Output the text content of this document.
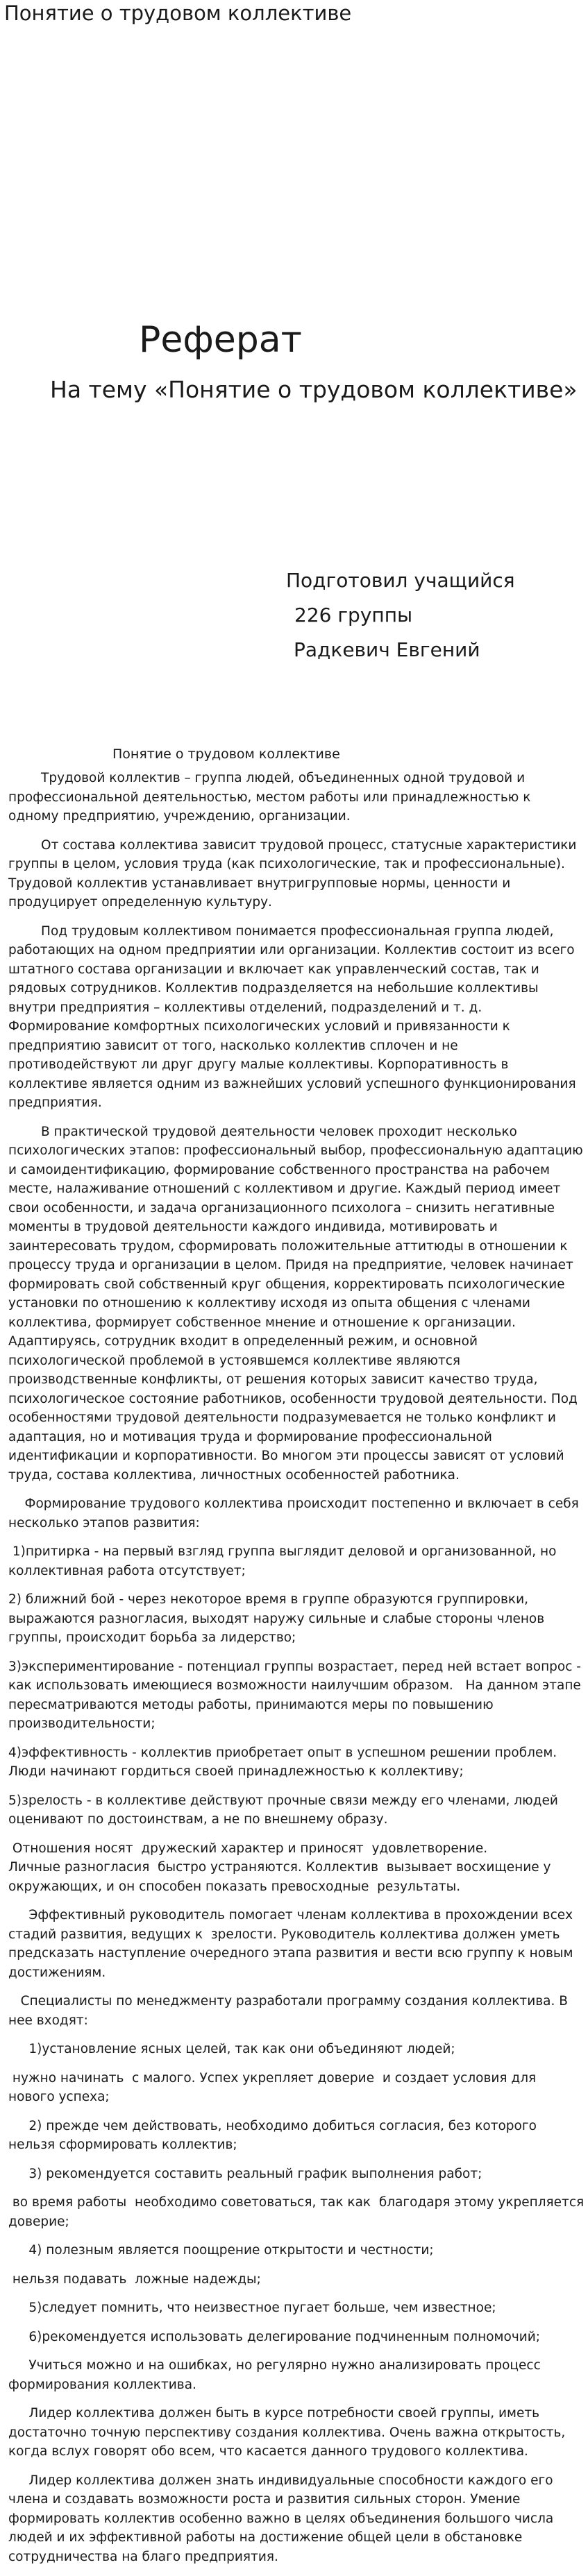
Понятие о трудовом коллективе
Реферат
На тему «Понятие о трудовом коллективе»
Подготовил учащийся
226 группы
Радкевич Евгений
Понятие о трудовом коллективе

Трудовой коллектив – группа людей, объединенных одной трудовой и профессиональной деятельностью, местом работы или принадлежностью к одному предприятию, учреждению, организации.

От состава коллектива зависит трудовой процесс, статусные характеристики группы в целом, условия труда (как психологические, так и профессиональные). Трудовой коллектив устанавливает внутригрупповые нормы, ценности и продуцирует определенную культуру.

Под трудовым коллективом понимается профессиональная группа людей, работающих на одном предприятии или организации. Коллектив состоит из всего штатного состава организации и включает как управленческий состав, так и рядовых сотрудников. Коллектив подразделяется на небольшие коллективы внутри предприятия – коллективы отделений, подразделений и т. д. Формирование комфортных психологических условий и привязанности к предприятию зависит от того, насколько коллектив сплочен и не противодействуют ли друг другу малые коллективы. Корпоративность в коллективе является одним из важнейших условий успешного функционирования предприятия.

В практической трудовой деятельности человек проходит несколько психологических этапов: профессиональный выбор, профессиональную адаптацию и самоидентификацию, формирование собственного пространства на рабочем месте, налаживание отношений с коллективом и другие. Каждый период имеет свои особенности, и задача организационного психолога – снизить негативные моменты в трудовой деятельности каждого индивида, мотивировать и заинтересовать трудом, сформировать положительные аттитюды в отношении к процессу труда и организации в целом. Придя на предприятие, человек начинает формировать свой собственный круг общения, корректировать психологические установки по отношению к коллективу исходя из опыта общения с членами коллектива, формирует собственное мнение и отношение к организации. Адаптируясь, сотрудник входит в определенный режим, и основной психологической проблемой в устоявшемся коллективе являются производственные конфликты, от решения которых зависит качество труда, психологическое состояние работников, особенности трудовой деятельности. Под особенностями трудовой деятельности подразумевается не только конфликт и адаптация, но и мотивация труда и формирование профессиональной идентификации и корпоративности. Во многом эти процессы зависят от условий труда, состава коллектива, личностных особенностей работника.

Формирование трудового коллектива происходит постепенно и включает в себя несколько этапов развития:

1)притирка - на первый взгляд группа выглядит деловой и организованной, но коллективная работа отсутствует;

2) ближний бой - через некоторое время в группе образуются группировки, выражаются разногласия, выходят наружу сильные и слабые стороны членов группы, происходит борьба за лидерство;

3)экспериментирование - потенциал группы возрастает, перед ней встает вопрос - как использовать имеющиеся возможности наилучшим образом.   На данном этапе пересматриваются методы работы, принимаются меры по повышению производительности;

4)эффективность - коллектив приобретает опыт в успешном решении проблем. Люди начинают гордиться своей принадлежностью к коллективу;

5)зрелость - в коллективе действуют прочные связи между его членами, людей оценивают по достоинствам, а не по внешнему образу.

Отношения носят  дружеский характер и приносят  удовлетворение.
Личные разногласия  быстро устраняются. Коллектив  вызывает восхищение у окружающих, и он способен показать превосходные  результаты.

Эффективный руководитель помогает членам коллектива в прохождении всех стадий развития, ведущих к  зрелости. Руководитель коллектива должен уметь предсказать наступление очередного этапа развития и вести всю группу к новым достижениям.

Специалисты по менеджменту разработали программу создания коллектива. В нее входят:

1)установление ясных целей, так как они объединяют людей;

нужно начинать  с малого. Успех укрепляет доверие  и создает условия для нового успеха;

2) прежде чем действовать, необходимо добиться согласия, без которого нельзя сформировать коллектив;

3) рекомендуется составить реальный график выполнения работ;

во время работы  необходимо советоваться, так как  благодаря этому укрепляется доверие;

4) полезным является поощрение открытости и честности;

нельзя подавать  ложные надежды;

5)следует помнить, что неизвестное пугает больше, чем известное;

6)рекомендуется использовать делегирование подчиненным полномочий;

Учиться можно и на ошибках, но регулярно нужно анализировать процесс формирования коллектива.

Лидер коллектива должен быть в курсе потребности своей группы, иметь достаточно точную перспективу создания коллектива. Очень важна открытость, когда вслух говорят обо всем, что касается данного трудового коллектива.

Лидер коллектива должен знать индивидуальные способности каждого его члена и создавать возможности роста и развития сильных сторон. Умение формировать коллектив особенно важно в целях объединения большого числа людей и их эффективной работы на достижение общей цели в обстановке сотрудничества на благо предприятия.
